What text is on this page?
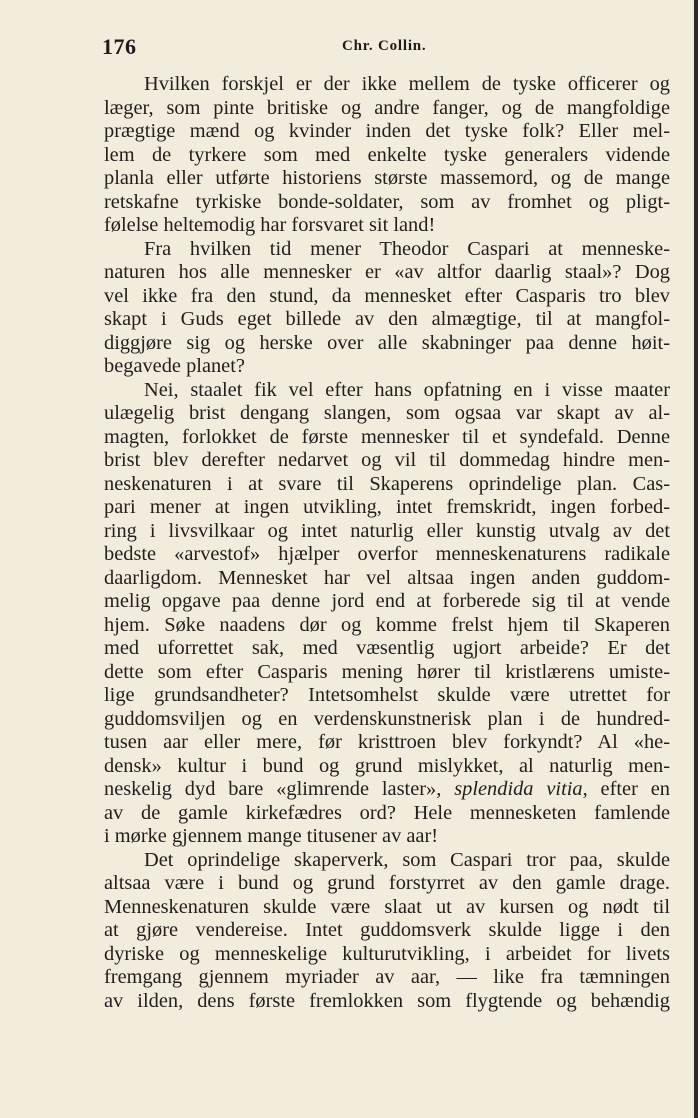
176	Chr. Collin.
Hvilken forskjel er der ikke mellem de tyske officerer og
læger, som pinte britiske og andre fanger, og de mangfoldige
prægtige mænd og kvinder inden det tyske folk? Eller mel-
lem de tyrkere som med enkelte tyske generalers vidende
planla eller utførte historiens største massemord, og de mange
retskafne tyrkiske bonde-soldater, som av fromhet og pligt-
følelse heltemodig har forsvaret sit land!
Fra hvilken tid mener Theodor Caspari at menneske-
naturen hos alle mennesker er «av altfor daarlig staal»? Dog
vel ikke fra den stund, da mennesket efter Casparis tro blev
skapt i Guds eget billede av den almægtige, til at mangfol-
diggjøre sig og herske over alle skabninger paa denne høit-
begavede planet?
Nei, staalet fik vel efter hans opfatning en i visse maater
ulægelig brist dengang slangen, som ogsaa var skapt av al-
magten, forlokket de første mennesker til et syndefald. Denne
brist blev derefter nedarvet og vil til dommedag hindre men-
neskenaturen i at svare til Skaperens oprindelige plan. Cas-
pari mener at ingen utvikling, intet fremskridt, ingen forbed-
ring i livsvilkaar og intet naturlig eller kunstig utvalg av det
bedste «arvestof» hjælper overfor menneskenaturens radikale
daarligdom. Mennesket har vel altsaa ingen anden guddom-
melig opgave paa denne jord end at forberede sig til at vende
hjem. Søke naadens dør og komme frelst hjem til Skaperen
med uforrettet sak, med væsentlig ugjort arbeide? Er det
dette som efter Casparis mening hører til kristlærens umiste-
lige grundsandheter? Intetsomhelst skulde være utrettet for
guddomsviljen og en verdenskunstnerisk plan i de hundred-
tusen aar eller mere, før kristtroen blev forkyndt? Al «he-
densk» kultur i bund og grund mislykket, al naturlig men-
neskelig dyd bare «glimrende laster», splendida vitia, efter en
av de gamle kirkefædres ord? Hele mennesketen famlende
i mørke gjennem mange titusener av aar!
Det oprindelige skaperverk, som Caspari tror paa, skulde
altsaa være i bund og grund forstyrret av den gamle drage.
Menneskenaturen skulde være slaat ut av kursen og nødt til
at gjøre vendereise. Intet guddomsverk skulde ligge i den
dyriske og menneskelige kulturutvikling, i arbeidet for livets
fremgang gjennem myriader av aar, — like fra tæmningen
av ilden, dens første fremlokken som flygtende og behændig
